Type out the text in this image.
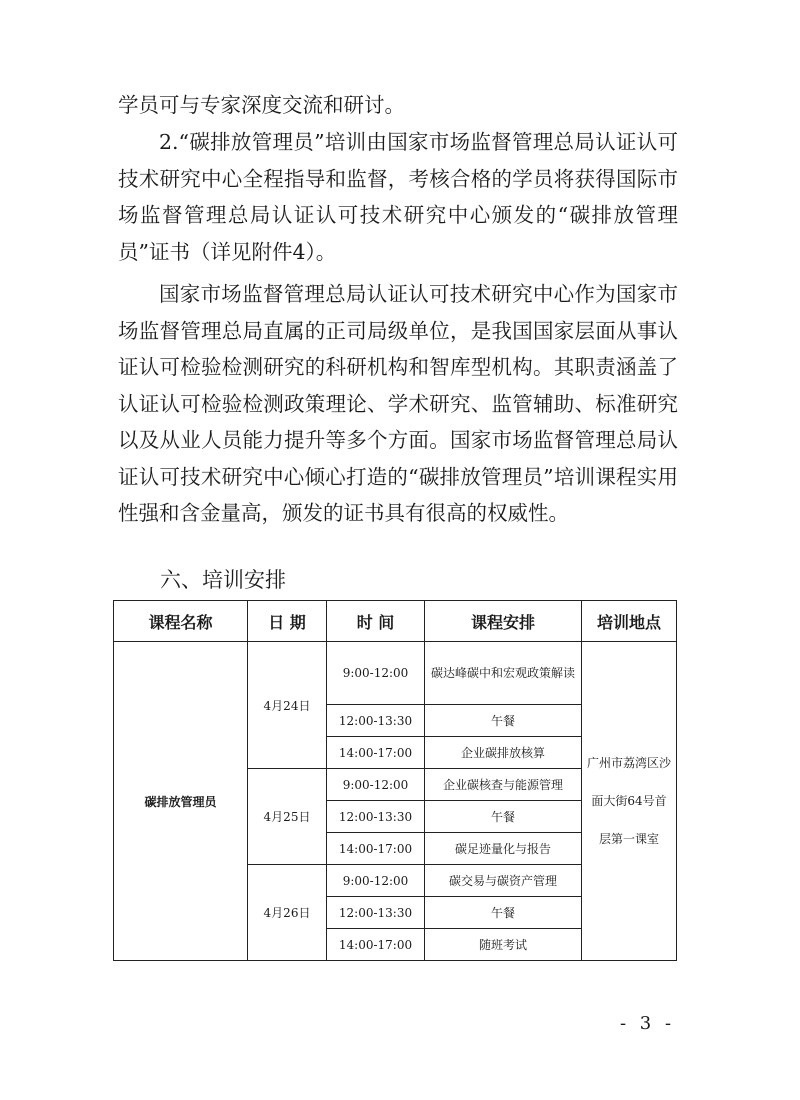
学员可与专家深度交流和研讨。

2.“碳排放管理员”培训由国家市场监督管理总局认证认可技术研究中心全程指导和监督，考核合格的学员将获得国际市场监督管理总局认证认可技术研究中心颁发的“碳排放管理员”证书（详见附件4）。

国家市场监督管理总局认证认可技术研究中心作为国家市场监督管理总局直属的正司局级单位，是我国国家层面从事认证认可检验检测研究的科研机构和智库型机构。其职责涵盖了认证认可检验检测政策理论、学术研究、监管辅助、标准研究以及从业人员能力提升等多个方面。国家市场监督管理总局认证认可技术研究中心倾心打造的“碳排放管理员”培训课程实用性强和含金量高，颁发的证书具有很高的权威性。

六、培训安排
课程名称	日 期	时 间	课程安排	培训地点
碳排放管理员	4月24日	9:00-12:00	碳达峰碳中和宏观政策解读	广州市荔湾区沙面大街64号首层第一课室
		12:00-13:30	午餐	
		14:00-17:00	企业碳排放核算	
	4月25日	9:00-12:00	企业碳核查与能源管理	
		12:00-13:30	午餐	
		14:00-17:00	碳足迹量化与报告	
	4月26日	9:00-12:00	碳交易与碳资产管理	
		12:00-13:30	午餐	
		14:00-17:00	随班考试	
- 3 -
